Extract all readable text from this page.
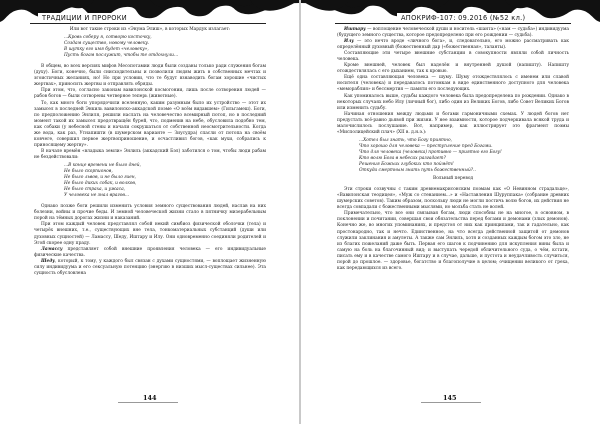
ТРАДИЦИИ И ПРОРОКИ

Или вот такие строки из «Энума Элиш», в которых Мардук излагает:

...Кровь соберу я, сотворю косточку,
Создам существо, новому человеку.
В шутку его имя будет «человеку»,
Пусть богам послужит, чтобы те отдохнули...

В общем, во всех версиях мифов Месопотамии люди были созданы только ради служения богам (духу). Боги, конечно, были снисходительны и позволили людям жить в собственных мечтах и эгоистичных желаниях, но! Но при условии, что те будут взнаводить богам хорошие «чистых жертвах», приносить жертвы и отправлять обряды.

При этом, что, согласно законам вавилонской космогонии, лишь после сотворения людей — рабов богов — были сотворены четверное теперь (животные).

То, как много боги упорядочили вселенную, каким разумным было их устройство — этот их замысел в последней Энкиль вавилонско-аккадской поэме «О всём видавшем» (Гильгамеш). Боги, по предположению Энлиля, решили наслать на человечество всемирный потоп, но в последний момент такой их замысел предотвращён бурей, что, подменив на небе, обусловила подобно тем, как собаки (у небесной стены и начали сокрушаться от собственной неосмотрительности. Когда же вода, как раз, Утнапишти (в шумерском варианте — Зиусудра) спасли от потопа на своём ковчеге, совершил первое жертвоприношение, и осчастливил богов, «как мухи, собрались к приносящему жертву».

В начале времён «владыка земли» Энлиль (аккадский Бэл) заботился о том, чтобы люди рабам не бездействовали:

...В конце времени не было дней,
Не было скорпионов,
Не было львов, и не было гиен,
Не было диких собак, и волков,
Не было страха, и ужаса,
У человека не знал врагов...

Однако позже боги решили изменить условия земного существования людей, наслав на них болезни, войны и прочие беды. И земной человеческой жизни стало в пятничку мизерабельным порой на тёмных дорогах жизни и наказаний.

При этом каждый человек представлял собой некий симбиоз физической оболочки (тела) и четырёх внешних, т.е., существующих вне тела, тонкоматериальных субстанций (души или духовных сущностей) — Ламассу, Шеду, Иштару и Илу. Они одновременно соединяли родителей и Эгой скорее одну праду.

Ламассу представляет собой внешние проявления человека — его индивидуальные физические качества.

Шеду, который, к тому, у каждого был связан с духами сущностями, — воплощает жизненную силу индивидуума и его сексуальную потенцию (энергию в низших мысл-существах сильнее). Эта сущность обусловлена

144
АПОКРИФ-107: 09.2016 (№52 кл.)

Иштару — воплощение человеческой души и носитель «шанта» («нам — судьба») индивидуума (будущего земного существа, которое предопределено при его рождении — судьба).

Илу — это нечто вроде «личного бога», и, следовательно, его можно рассматривать как определённый духовный (божественный дар («божественная», таланты).

Составляющие эти четыре внешние субстанции в совокупности являли собой личность человека.

Кроме внешней, человек был наделён и внутренней душой (напишту). Напишту отождествлялась с его дыханием, так к кровью.

Ещё одна составляющая человека — шуму. Шуму отождествлялось с именем или славой носителя (человека) и передавалось потомкам в виде единственного доступного для человека «мемораблия» и бессмертия — памяти его последующих.

Как упоминалось выше, судьбы каждого человека была предопределена по рождении. Однако в некоторых случаях небо Илу (личный бог), либо один из Великих Богов, либо Совет Великих Богов или изменить судьбу.

Начиная отношения между людьми и богами гармоничными схемах. У людей богов нет предустать всё-равно дьявой при жизни. У нее взаимности, которое подчеркивала всякой труда и малочислилось послушание. Вот, например, как иллюстрирует это фрагмент поэмы «Мисполицейский плач» (XII в. д.н.э.):

...Хотел был знать, что Богу приятно,
Что хорошо для человека — преступление пред Богами.
Что для человека (человека) противно — приятно его Богу!
Кто волю Бога в небесах разгадает?
Решения Божьих глубоких кто поймёт!
Откуда смертным знать путь божественный?..
Вольный перевод

Эти строки созвучны с таким древнемакрисонским поэмам как «О Невинном страдальце», «Вавилонская теодицея», «Муж со стенанием...» и «Наставления Шуруппака» (собрание древних шумерских советов). Таким образом, поскольку люди не могли постичь волю богов, их действия не всегда совпадали с божественными мыслями, но мольба стать не волей.

Примечательно, что все они связывая богам, люди способны не на многое, в основном, в поклонении и почитании, совершая свои обязательства перед богами и демонами (злых демонов). Конечно же, во многих упоминаниях, и предстоя от них как принципами, так и гадательно, как простонародно, так и нечто. Единственное, на что всегда действенной защитой от демонов служили заклинания и амулеты. А также сам Энлиль, хотя и созданных каждым богом это зло, не из благих пожеланий даже быть. Первая его шагов к подчинению для искупления вины была и самую на боль на благочинный вид; и выступать чередой обличительного суда, о чём, кстати, писать ему и в качестве самого Иштару и в случае, дальше, и пустота и неудачливость случиться, порой до прошлое. — здоровье, богатство и благополучие в целом; очищении великого от греха, как передающихся из всего.

145
